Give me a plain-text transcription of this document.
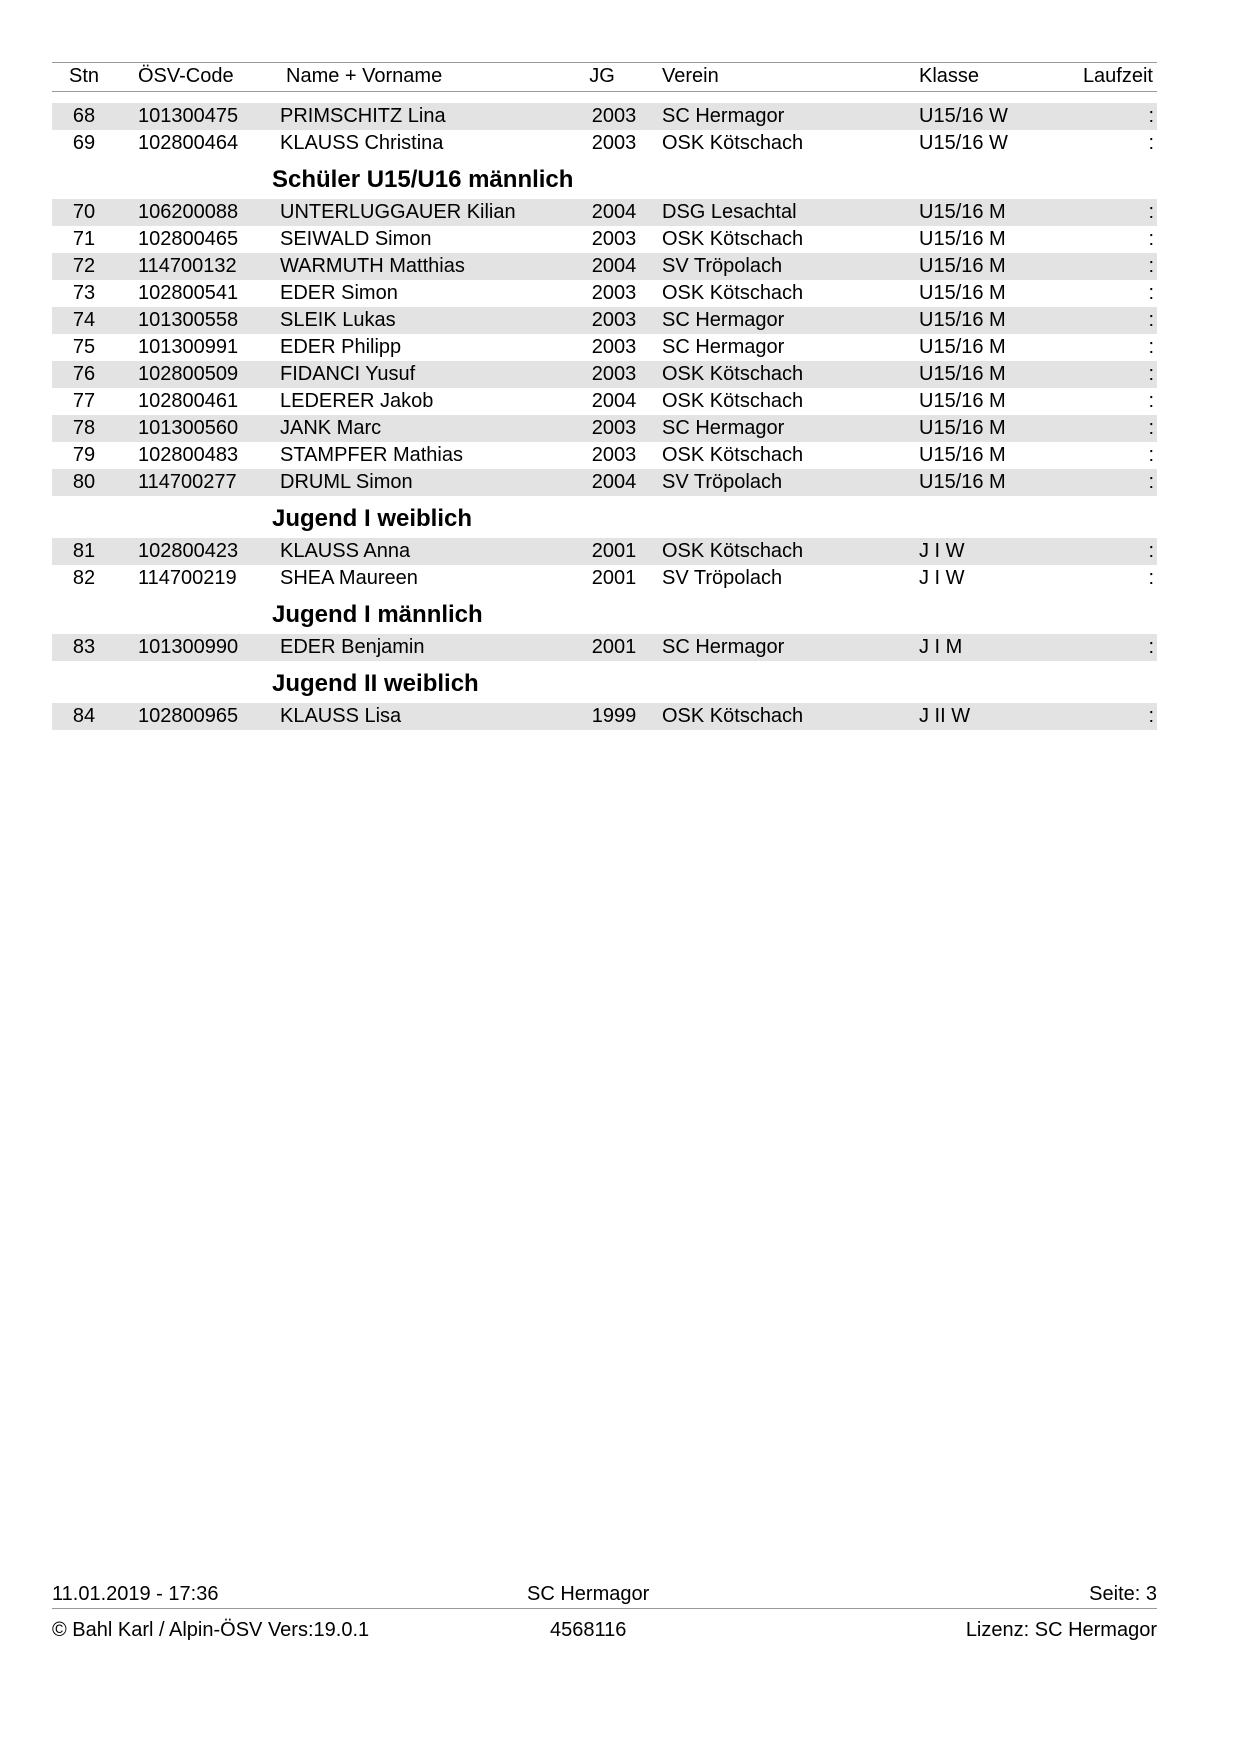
Stn	ÖSV-Code	Name + Vorname	JG	Verein	Klasse	Laufzeit
68	101300475 PRIMSCHITZ Lina	2003 SC Hermagor	U15/16 W	:
69	102800464 KLAUSS Christina	2003 OSK Kötschach	U15/16 W	:
Schüler U15/U16 männlich
70	106200088 UNTERLUGGAUER Kilian	2004 DSG Lesachtal	U15/16 M	:
71	102800465 SEIWALD Simon	2003 OSK Kötschach	U15/16 M	:
72	114700132 WARMUTH Matthias	2004 SV Tröpolach	U15/16 M	:
73	102800541 EDER Simon	2003 OSK Kötschach	U15/16 M	:
74	101300558 SLEIK Lukas	2003 SC Hermagor	U15/16 M	:
75	101300991 EDER Philipp	2003 SC Hermagor	U15/16 M	:
76	102800509 FIDANCI Yusuf	2003 OSK Kötschach	U15/16 M	:
77	102800461 LEDERER Jakob	2004 OSK Kötschach	U15/16 M	:
78	101300560 JANK Marc	2003 SC Hermagor	U15/16 M	:
79	102800483 STAMPFER Mathias	2003 OSK Kötschach	U15/16 M	:
80	114700277 DRUML Simon	2004 SV Tröpolach	U15/16 M	:
Jugend I weiblich
81	102800423 KLAUSS Anna	2001 OSK Kötschach	J I W	:
82	114700219 SHEA Maureen	2001 SV Tröpolach	J I W	:
Jugend I männlich
83	101300990 EDER Benjamin	2001 SC Hermagor	J I M	:
Jugend II weiblich
84	102800965 KLAUSS Lisa	1999 OSK Kötschach	J II W	:
11.01.2019 - 17:36	SC Hermagor	Seite: 3
© Bahl Karl / Alpin-ÖSV Vers:19.0.1	4568116	Lizenz: SC Hermagor
